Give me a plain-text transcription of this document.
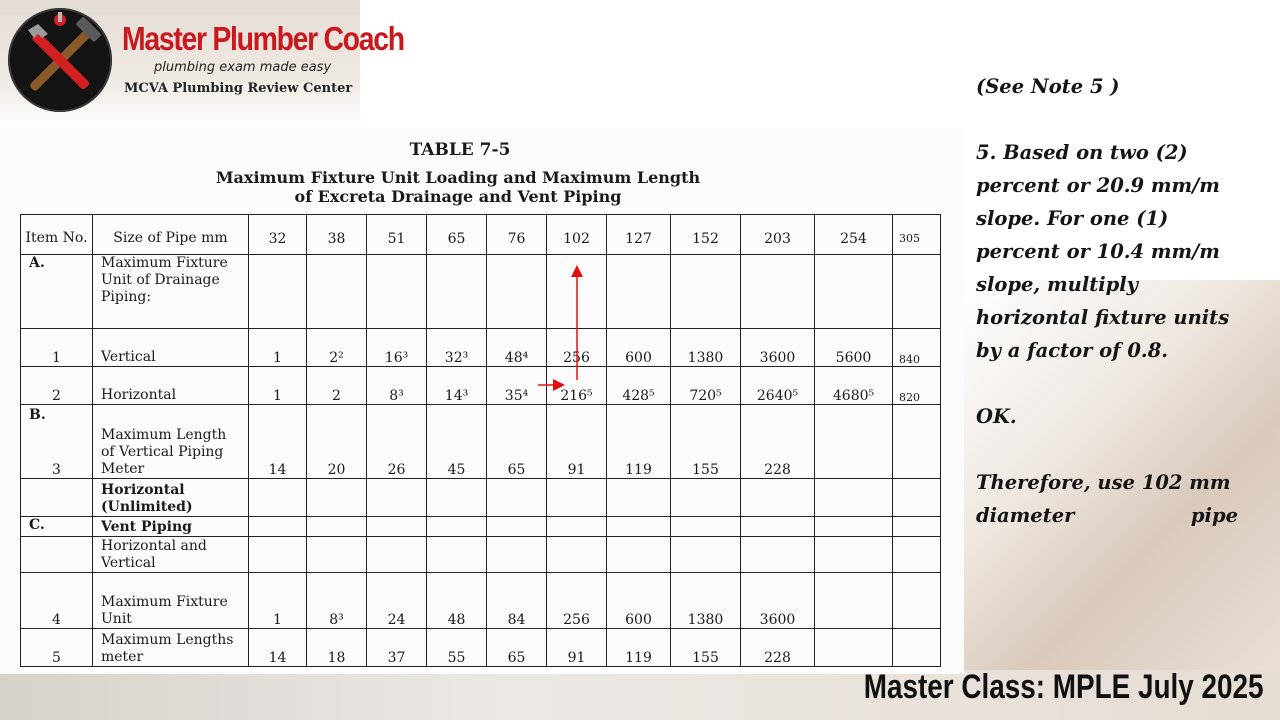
Master Plumber Coach
plumbing exam made easy
MCVA Plumbing Review Center
TABLE 7-5
Maximum Fixture Unit Loading and Maximum Length
of Excreta Drainage and Vent Piping
Item No.	Size of Pipe mm	32	38	51	65	76	102	127	152	203	254	305
A.	Maximum Fixture Unit of Drainage Piping:											
1	Vertical	1	2²	16³	32³	48⁴	256	600	1380	3600	5600	840
2	Horizontal	1	2	8³	14³	35⁴	216⁵	428⁵	720⁵	2640⁵	4680⁵	820

B.
3	Maximum Length of Vertical Piping Meter	14	20	26	45	65	91	119	155	228		
	Horizontal (Unlimited)											
C.	Vent Piping											
	Horizontal and Vertical											
4	Maximum Fixture Unit	1	8³	24	48	84	256	600	1380	3600		
5	Maximum Lengths meter	14	18	37	55	65	91	119	155	228		

(See Note 5 )

5. Based on two (2) percent or 20.9 mm/m slope. For one (1) percent or 10.4 mm/m slope, multiply horizontal fixture units by a factor of 0.8.

OK.

Therefore, use 102 mm diameter pipe

Master Class: MPLE July 2025
